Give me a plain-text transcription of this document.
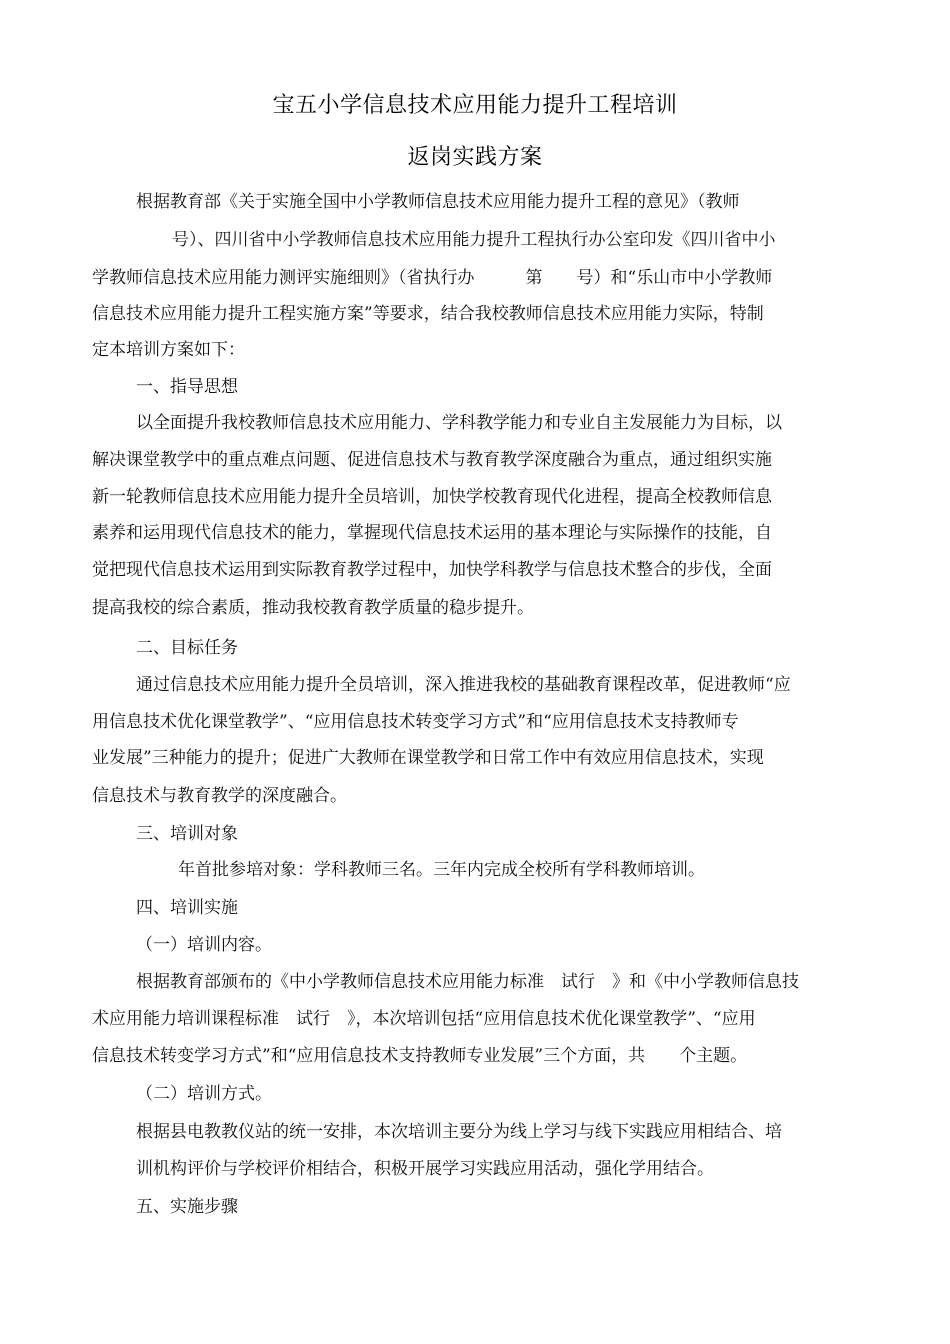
宝五小学信息技术应用能力提升工程培训
返岗实践方案
根据教育部《关于实施全国中小学教师信息技术应用能力提升工程的意见》（教师
号）、四川省中小学教师信息技术应用能力提升工程执行办公室印发《四川省中小
学教师信息技术应用能力测评实施细则》（省执行办　　　第　　号）和“乐山市中小学教师
信息技术应用能力提升工程实施方案”等要求，结合我校教师信息技术应用能力实际，特制
定本培训方案如下：
一、指导思想
以全面提升我校教师信息技术应用能力、学科教学能力和专业自主发展能力为目标，以
解决课堂教学中的重点难点问题、促进信息技术与教育教学深度融合为重点，通过组织实施
新一轮教师信息技术应用能力提升全员培训，加快学校教育现代化进程，提高全校教师信息
素养和运用现代信息技术的能力，掌握现代信息技术运用的基本理论与实际操作的技能，自
觉把现代信息技术运用到实际教育教学过程中，加快学科教学与信息技术整合的步伐，全面
提高我校的综合素质，推动我校教育教学质量的稳步提升。
二、目标任务
通过信息技术应用能力提升全员培训，深入推进我校的基础教育课程改革，促进教师“应
用信息技术优化课堂教学”、“应用信息技术转变学习方式”和“应用信息技术支持教师专
业发展”三种能力的提升；促进广大教师在课堂教学和日常工作中有效应用信息技术，实现
信息技术与教育教学的深度融合。
三、培训对象
年首批参培对象：学科教师三名。三年内完成全校所有学科教师培训。
四、培训实施
（一）培训内容。
根据教育部颁布的《中小学教师信息技术应用能力标准　试行　》和《中小学教师信息技
术应用能力培训课程标准　试行　》，本次培训包括“应用信息技术优化课堂教学”、“应用
信息技术转变学习方式”和“应用信息技术支持教师专业发展”三个方面，共　　个主题。
（二）培训方式。
根据县电教教仪站的统一安排，本次培训主要分为线上学习与线下实践应用相结合、培
训机构评价与学校评价相结合，积极开展学习实践应用活动，强化学用结合。
五、实施步骤
